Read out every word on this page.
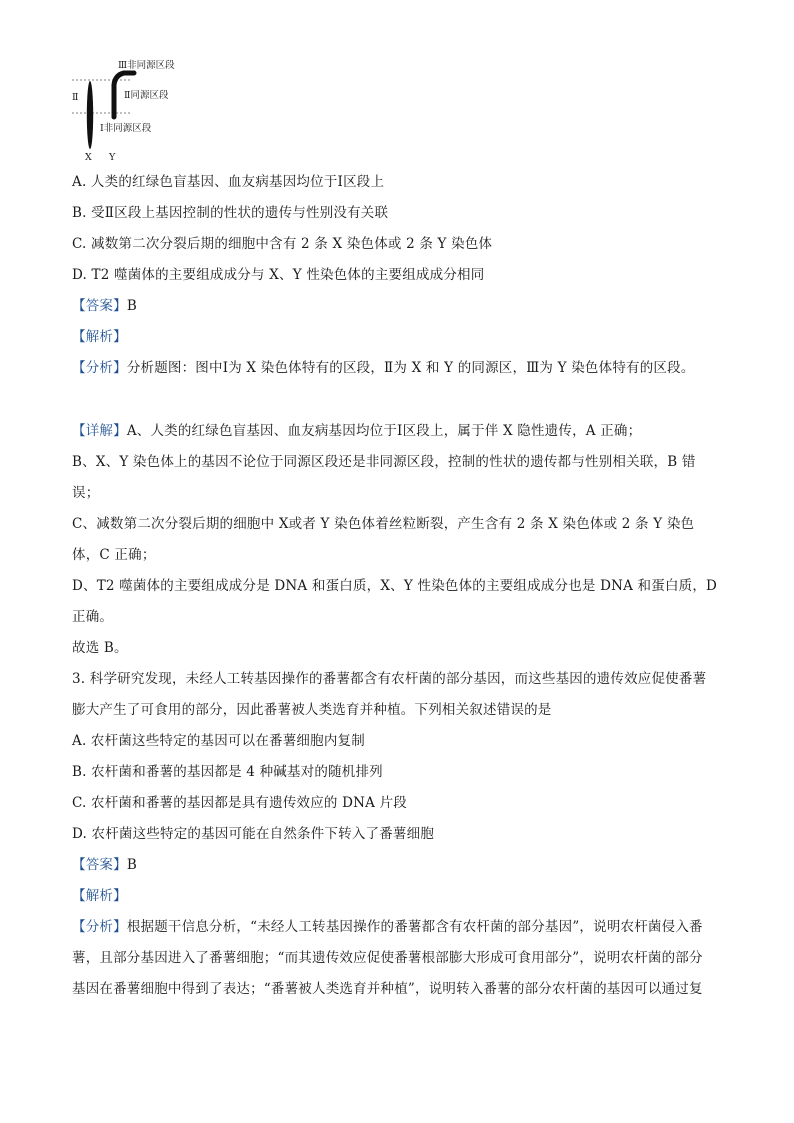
Ⅲ非同源区段
Ⅱ	Ⅱ同源区段
Ⅰ非同源区段
X Y
A. 人类的红绿色盲基因、血友病基因均位于Ⅰ区段上
B. 受Ⅱ区段上基因控制的性状的遗传与性别没有关联
C. 减数第二次分裂后期的细胞中含有 2 条 X 染色体或 2 条 Y 染色体
D. T2 噬菌体的主要组成成分与 X、Y 性染色体的主要组成成分相同
【答案】B
【解析】
【分析】分析题图：图中Ⅰ为 X 染色体特有的区段，Ⅱ为 X 和 Y 的同源区，Ⅲ为 Y 染色体特有的区段。
【详解】A、人类的红绿色盲基因、血友病基因均位于Ⅰ区段上，属于伴 X 隐性遗传，A 正确；
B、X、Y 染色体上的基因不论位于同源区段还是非同源区段，控制的性状的遗传都与性别相关联，B 错
误；
C、减数第二次分裂后期的细胞中 X或者 Y 染色体着丝粒断裂，产生含有 2 条 X 染色体或 2 条 Y 染色
体，C 正确；
D、T2 噬菌体的主要组成成分是 DNA 和蛋白质，X、Y 性染色体的主要组成成分也是 DNA 和蛋白质，D
正确。
故选 B。
3. 科学研究发现，未经人工转基因操作的番薯都含有农杆菌的部分基因，而这些基因的遗传效应促使番薯
膨大产生了可食用的部分，因此番薯被人类选育并种植。下列相关叙述错误的是
A. 农杆菌这些特定的基因可以在番薯细胞内复制
B. 农杆菌和番薯的基因都是 4 种碱基对的随机排列
C. 农杆菌和番薯的基因都是具有遗传效应的 DNA 片段
D. 农杆菌这些特定的基因可能在自然条件下转入了番薯细胞
【答案】B
【解析】
【分析】根据题干信息分析，“未经人工转基因操作的番薯都含有农杆菌的部分基因”，说明农杆菌侵入番
薯，且部分基因进入了番薯细胞；“而其遗传效应促使番薯根部膨大形成可食用部分”，说明农杆菌的部分
基因在番薯细胞中得到了表达；“番薯被人类选育并种植”，说明转入番薯的部分农杆菌的基因可以通过复
